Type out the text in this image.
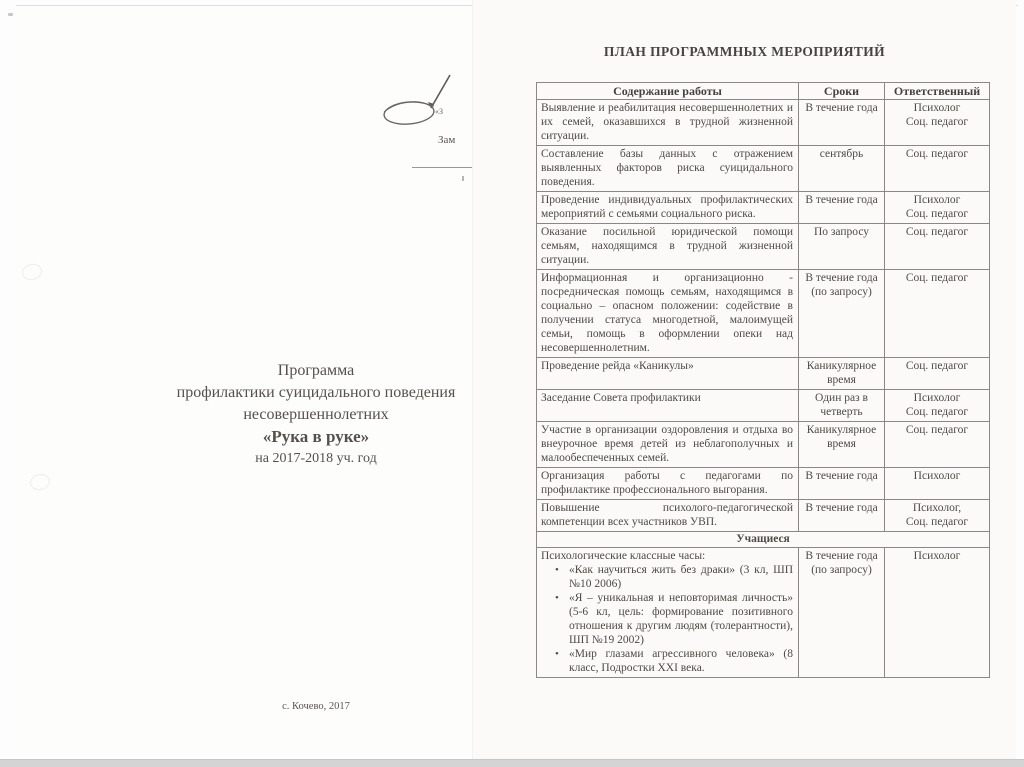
«З
Зам
Программа
профилактики суицидального поведения
несовершеннолетних
«Рука в руке»
на 2017-2018 уч. год
с. Кочево, 2017
ПЛАН ПРОГРАММНЫХ МЕРОПРИЯТИЙ
Содержание работы	Сроки	Ответственный

Выявление и реабилитация несовершеннолетних и их семей, оказавшихся в трудной жизненной ситуации.	В течение года	Психолог
Соц. педагог

Составление базы данных с отражением выявленных факторов риска суицидального поведения.	сентябрь	Соц. педагог

Проведение индивидуальных профилактических мероприятий с семьями социального риска.	В течение года	Психолог
Соц. педагог

Оказание посильной юридической помощи семьям, находящимся в трудной жизненной ситуации.	По запросу	Соц. педагог

Информационная и организационно - посредническая помощь семьям, находящимся в социально – опасном положении: содействие в получении статуса многодетной, малоимущей семьи, помощь в оформлении опеки над несовершеннолетним.	В течение года (по запросу)	Соц. педагог

Проведение рейда «Каникулы»	Каникулярное время	Соц. педагог

Заседание Совета профилактики	Один раз в четверть	Психолог
Соц. педагог

Участие в организации оздоровления и отдыха во внеурочное время детей из неблагополучных и малообеспеченных семей.	Каникулярное время	Соц. педагог

Организация работы с педагогами по профилактике профессионального выгорания.	В течение года	Психолог

Повышение психолого-педагогической компетенции всех участников УВП.	В течение года	Психолог,
Соц. педагог

Учащиеся		

Психологические классные часы:
• «Как научиться жить без драки» (3 кл, ШП №10 2006)
• «Я – уникальная и неповторимая личность» (5-6 кл, цель: формирование позитивного отношения к другим людям (толерантности), ШП №19 2002)
• «Мир глазами агрессивного человека» (8 класс, Подростки XXI века.	В течение года (по запросу)	Психолог
